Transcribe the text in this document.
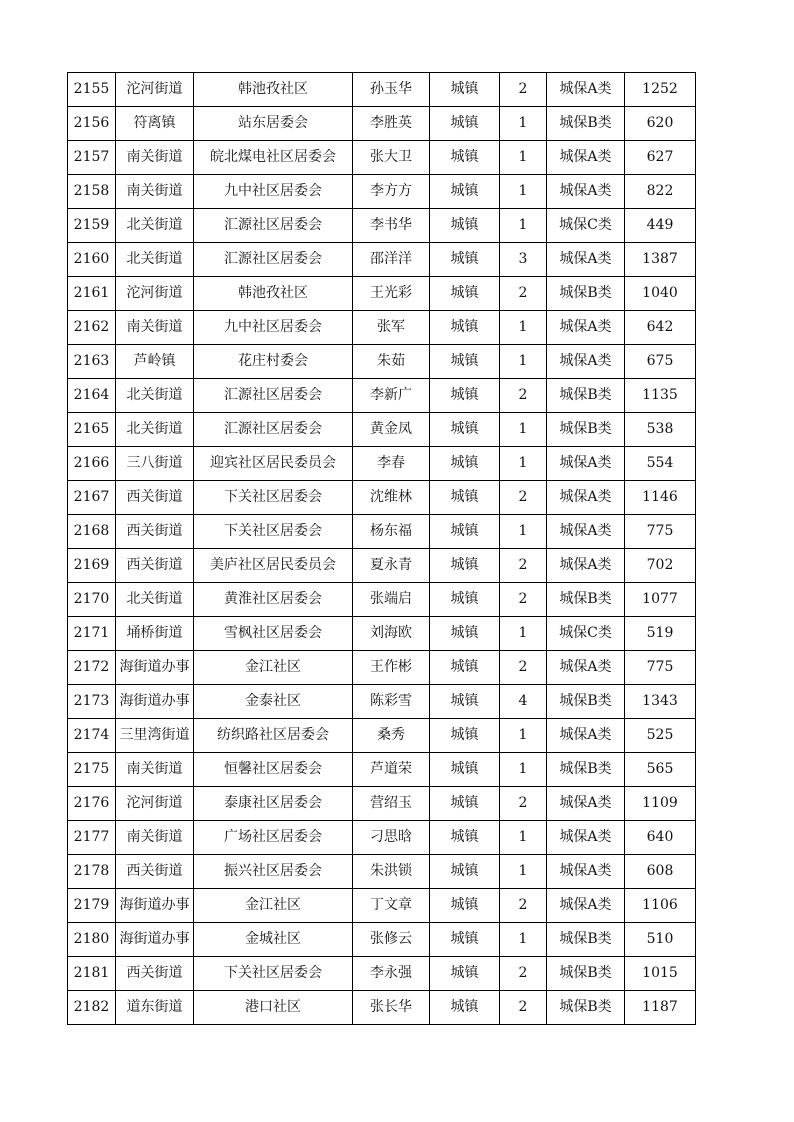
2155	沱河街道	韩池孜社区	孙玉华	城镇	2	城保A类	1252
2156	符离镇	站东居委会	李胜英	城镇	1	城保B类	620
2157	南关街道	皖北煤电社区居委会	张大卫	城镇	1	城保A类	627
2158	南关街道	九中社区居委会	李方方	城镇	1	城保A类	822
2159	北关街道	汇源社区居委会	李书华	城镇	1	城保C类	449
2160	北关街道	汇源社区居委会	邵洋洋	城镇	3	城保A类	1387
2161	沱河街道	韩池孜社区	王光彩	城镇	2	城保B类	1040
2162	南关街道	九中社区居委会	张军	城镇	1	城保A类	642
2163	芦岭镇	花庄村委会	朱茹	城镇	1	城保A类	675
2164	北关街道	汇源社区居委会	李新广	城镇	2	城保B类	1135
2165	北关街道	汇源社区居委会	黄金凤	城镇	1	城保B类	538
2166	三八街道	迎宾社区居民委员会	李春	城镇	1	城保A类	554
2167	西关街道	下关社区居委会	沈维林	城镇	2	城保A类	1146
2168	西关街道	下关社区居委会	杨东福	城镇	1	城保A类	775
2169	西关街道	美庐社区居民委员会	夏永青	城镇	2	城保A类	702
2170	北关街道	黄淮社区居委会	张端启	城镇	2	城保B类	1077
2171	埇桥街道	雪枫社区居委会	刘海欧	城镇	1	城保C类	519
2172	海街道办事	金江社区	王作彬	城镇	2	城保A类	775
2173	海街道办事	金泰社区	陈彩雪	城镇	4	城保B类	1343
2174	三里湾街道	纺织路社区居委会	桑秀	城镇	1	城保A类	525
2175	南关街道	恒馨社区居委会	芦道荣	城镇	1	城保B类	565
2176	沱河街道	泰康社区居委会	营绍玉	城镇	2	城保A类	1109
2177	南关街道	广场社区居委会	刁思晗	城镇	1	城保A类	640
2178	西关街道	振兴社区居委会	朱洪锁	城镇	1	城保A类	608
2179	海街道办事	金江社区	丁文章	城镇	2	城保A类	1106
2180	海街道办事	金城社区	张修云	城镇	1	城保B类	510
2181	西关街道	下关社区居委会	李永强	城镇	2	城保B类	1015
2182	道东街道	港口社区	张长华	城镇	2	城保B类	1187
